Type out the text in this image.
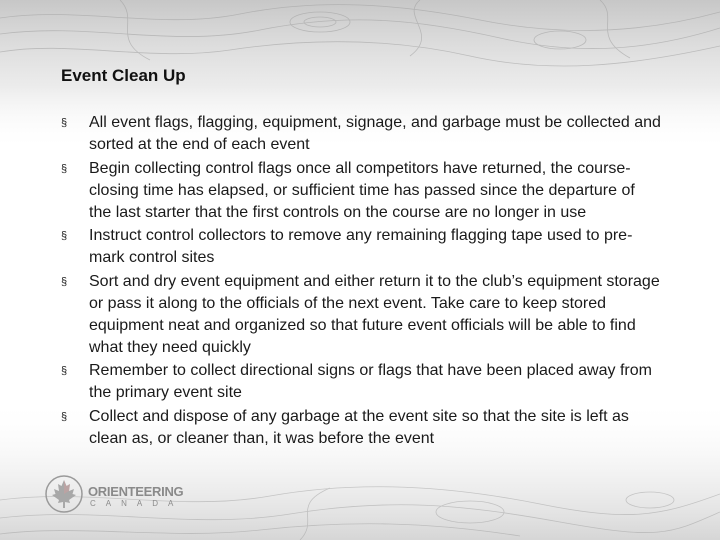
Event Clean Up
§ All event flags, flagging, equipment, signage, and garbage must be collected and sorted at the end of each event
§ Begin collecting control flags once all competitors have returned, the course-closing time has elapsed, or sufficient time has passed since the departure of the last starter that the first controls on the course are no longer in use
§ Instruct control collectors to remove any remaining flagging tape used to pre-mark control sites
§ Sort and dry event equipment and either return it to the club’s equipment storage or pass it along to the officials of the next event. Take care to keep stored equipment neat and organized so that future event officials will be able to find what they need quickly
§ Remember to collect directional signs or flags that have been placed away from the primary event site
§ Collect and dispose of any garbage at the event site so that the site is left as clean as, or cleaner than, it was before the event
ORIENTEERING
CANADA
